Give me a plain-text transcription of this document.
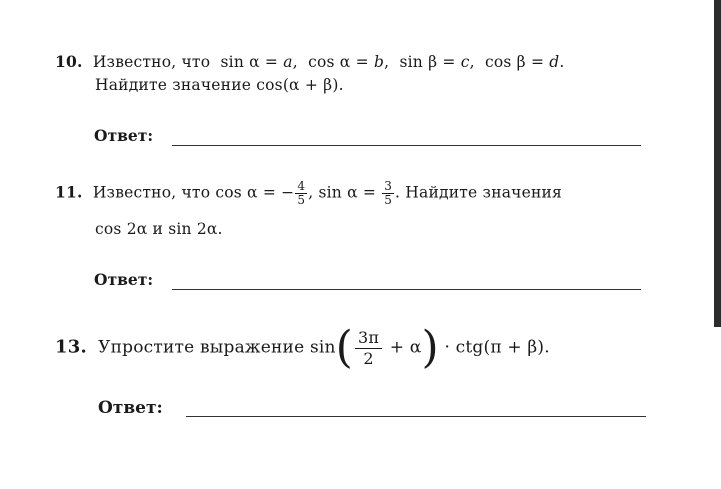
10. Известно, что sin α = a,  cos α = b,  sin β = c,  cos β = d.
Найдите значение cos(α + β).
Ответ:
11. Известно, что cos α = − $\frac{4}{5}$ , $\sin \alpha = \frac{3}{5}$ . Найдите значения
cos 2α и sin 2α.
Ответ:
13. Упростите выражение $\sin( \frac{3\pi}{2} + \alpha) \cdot ctg(\pi + \beta)$.
Ответ:
